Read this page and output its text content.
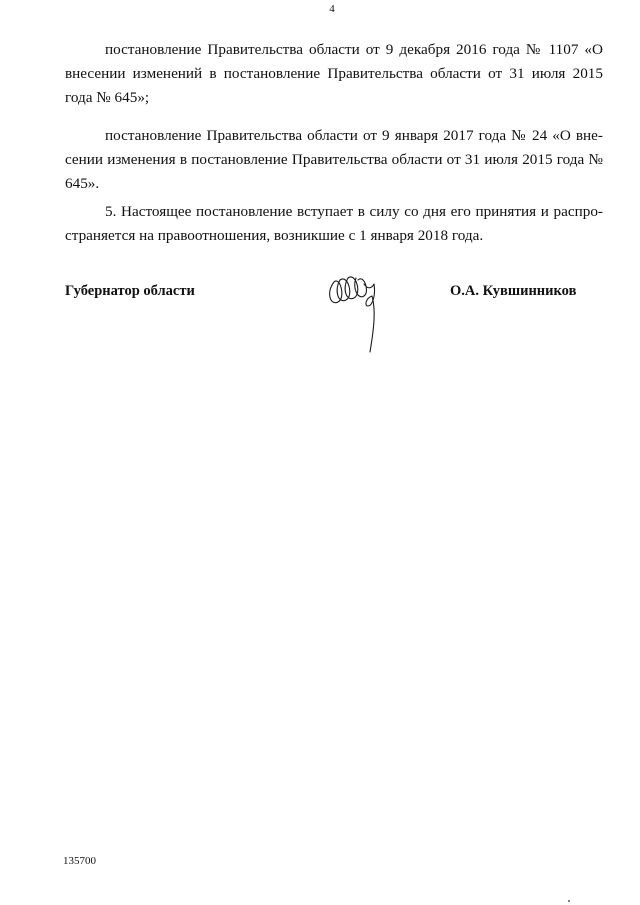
4
постановление Правительства области от 9 декабря 2016 года № 1107 «О внесении изменений в постановление Правительства области от 31 июля 2015 года № 645»;
постановление Правительства области от 9 января 2017 года № 24 «О вне-сении изменения в постановление Правительства области от 31 июля 2015 года № 645».
5. Настоящее постановление вступает в силу со дня его принятия и распро-страняется на правоотношения, возникшие с 1 января 2018 года.
Губернатор области	О.А. Кувшинников
135700
